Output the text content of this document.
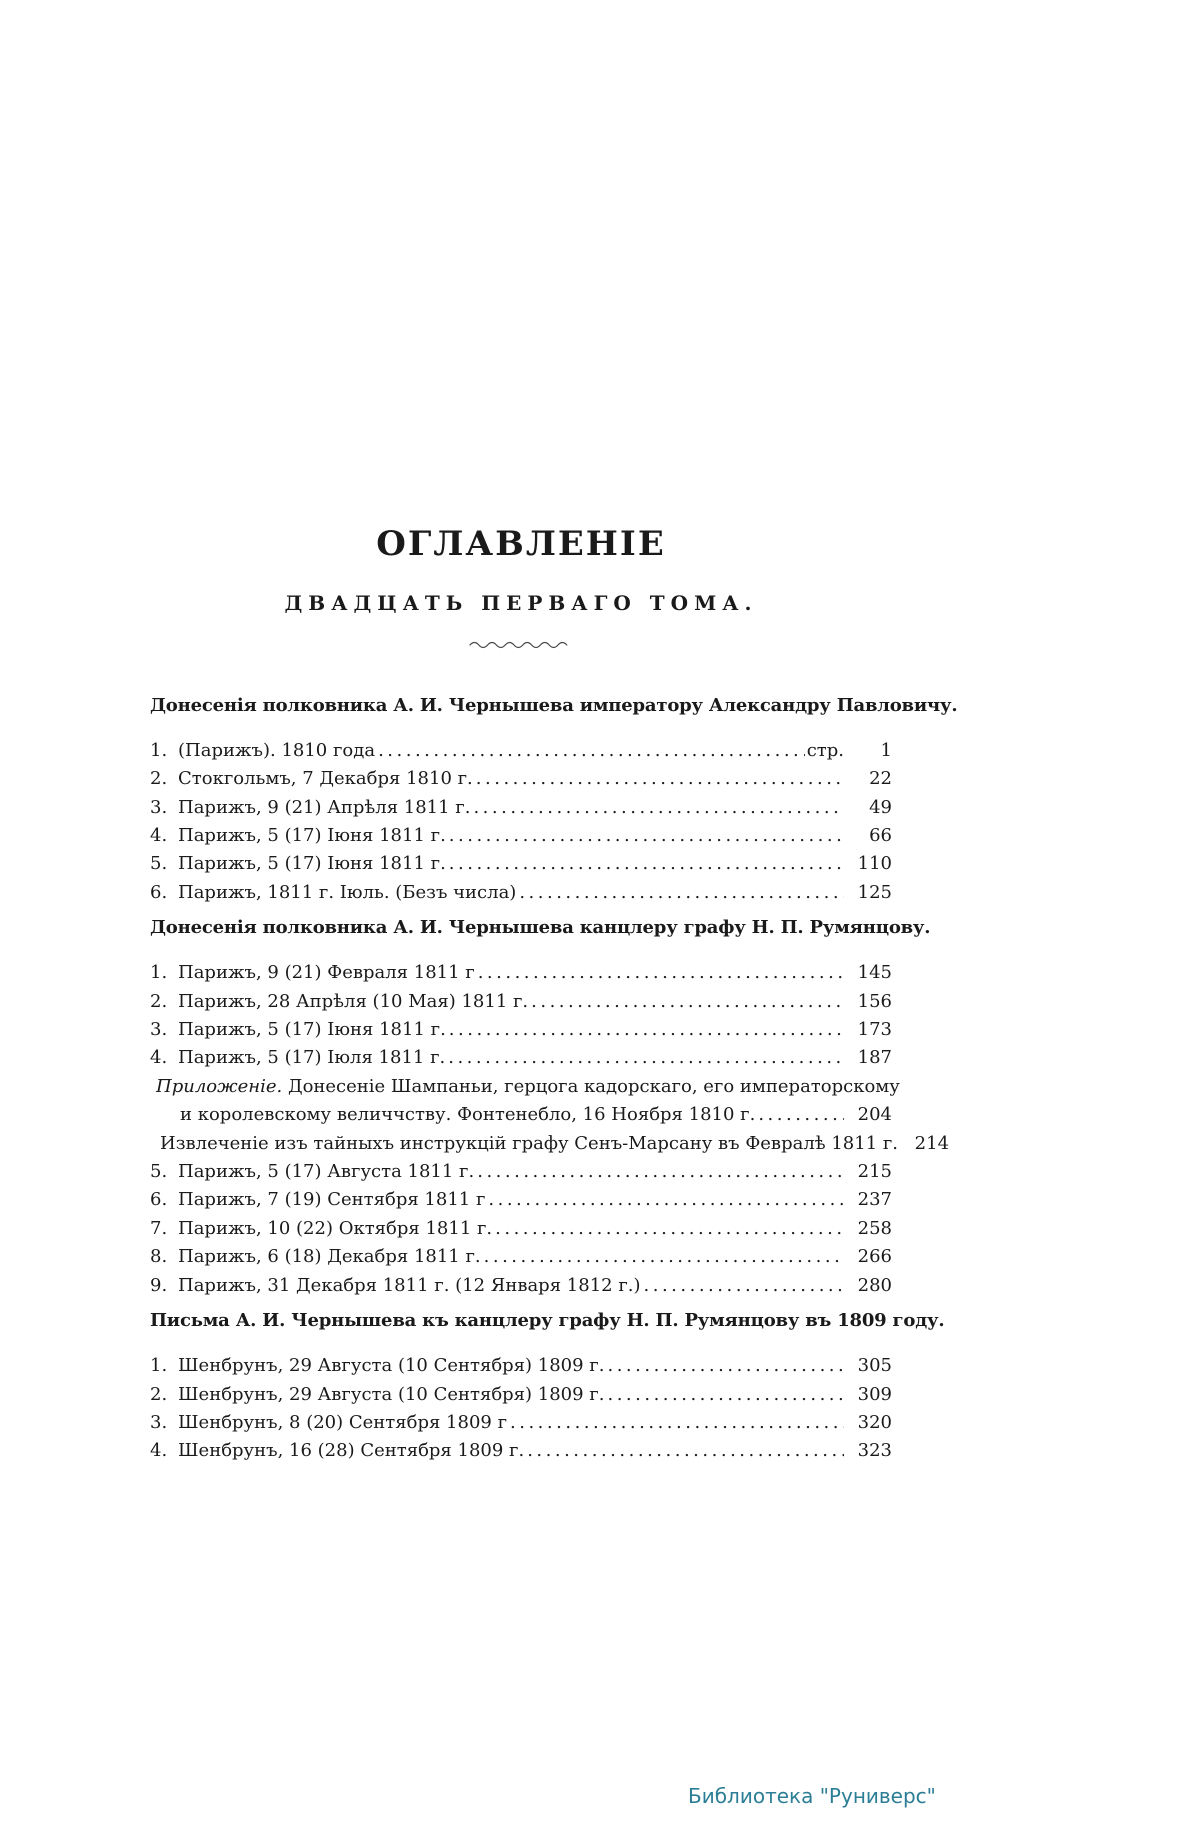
ОГЛАВЛЕНІЕ
ДВАДЦАТЬ ПЕРВАГО ТОМА.
Донесенія полковника А. И. Чернышева императору Александру Павловичу.
1. (Парижъ). 1810 года .....	стр.	1
2. Стокгольмъ, 7 Декабря 1810 г. .....	22
3. Парижъ, 9 (21) Апрѣля 1811 г. .....	49
4. Парижъ, 5 (17) Іюня 1811 г. .....	66
5. Парижъ, 5 (17) Іюня 1811 г. .....	110
6. Парижъ, 1811 г. Іюль. (Безъ числа) .....	125
Донесенія полковника А. И. Чернышева канцлеру графу Н. П. Румянцову.
1. Парижъ, 9 (21) Февраля 1811 г .....	145
2. Парижъ, 28 Апрѣля (10 Мая) 1811 г. .....	156
3. Парижъ, 5 (17) Іюня 1811 г. .....	173
4. Парижъ, 5 (17) Іюля 1811 г. .....	187
Приложеніе. Донесеніе Шампаньи, герцога кадорскаго, его императорскому
и королевскому величчству. Фонтенебло, 16 Ноября 1810 г. .....	204
Извлеченіе изъ тайныхъ инструкцій графу Сенъ-Марсану въ Февралѣ 1811 г. 214
5. Парижъ, 5 (17) Августа 1811 г. .....	215
6. Парижъ, 7 (19) Сентября 1811 г .....	237
7. Парижъ, 10 (22) Октября 1811 г. .....	258
8. Парижъ, 6 (18) Декабря 1811 г. .....	266
9. Парижъ, 31 Декабря 1811 г. (12 Января 1812 г.) .....	280
Письма А. И. Чернышева къ канцлеру графу Н. П. Румянцову въ 1809 году.
1. Шенбрунъ, 29 Августа (10 Сентября) 1809 г. .....	305
2. Шенбрунъ, 29 Августа (10 Сентября) 1809 г. .....	309
3. Шенбрунъ, 8 (20) Сентября 1809 г .....	320
4. Шенбрунъ, 16 (28) Сентября 1809 г. .....	323
Библиотека "Руниверс"
